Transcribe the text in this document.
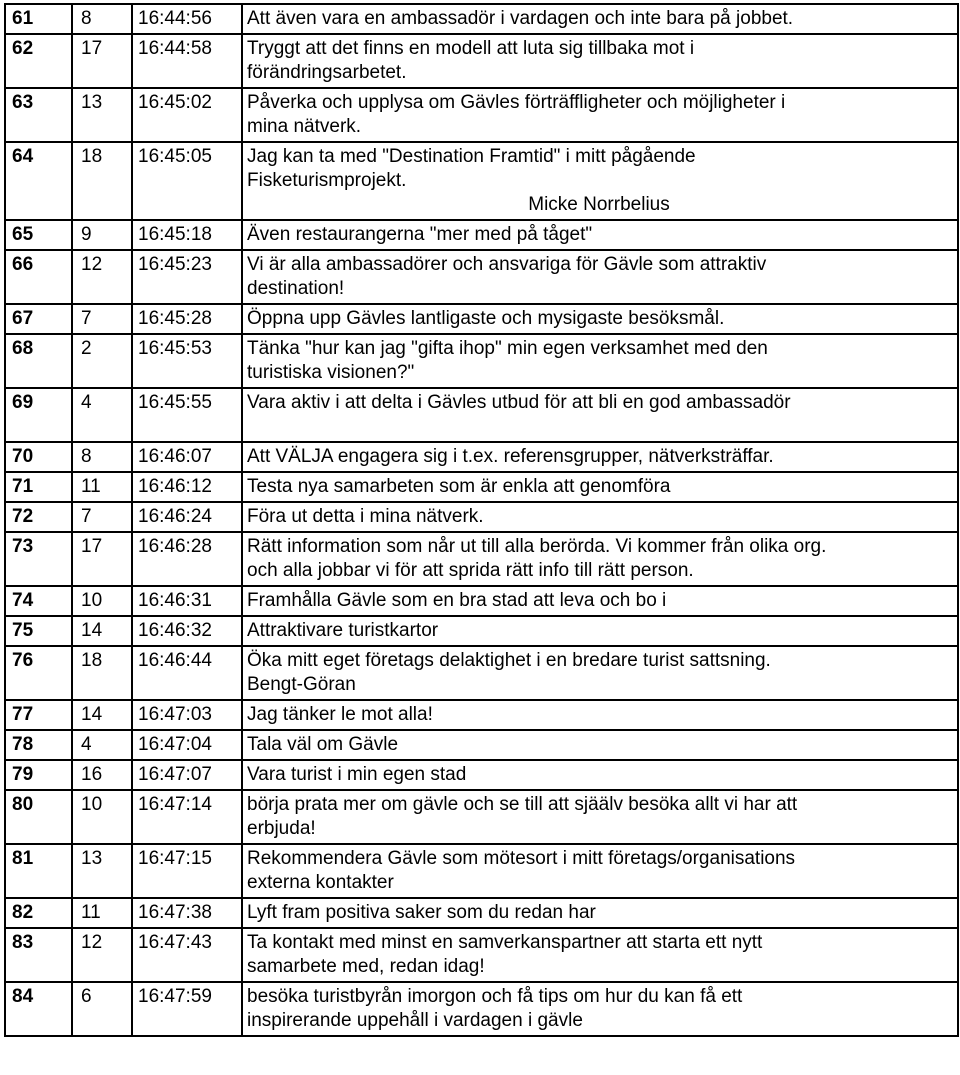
61	8	16:44:56	Att även vara en ambassadör i vardagen och inte bara på jobbet.

62	17	16:44:58	Tryggt att det finns en modell att luta sig tillbaka mot i
förändringsarbetet.

63	13	16:45:02	Påverka och upplysa om Gävles förträffligheter och möjligheter i
mina nätverk.

64	18	16:45:05	Jag kan ta med "Destination Framtid" i mitt pågående
Fisketurismprojekt.
Micke Norrbelius

65	9	16:45:18	Även restaurangerna "mer med på tåget"

66	12	16:45:23	Vi är alla ambassadörer och ansvariga för Gävle som attraktiv
destination!

67	7	16:45:28	Öppna upp Gävles lantligaste och mysigaste besöksmål.

68	2	16:45:53	Tänka "hur kan jag "gifta ihop" min egen verksamhet med den
turistiska visionen?"

69	4	16:45:55	Vara aktiv i att delta i Gävles utbud för att bli en god ambassadör

70	8	16:46:07	Att VÄLJA engagera sig i t.ex. referensgrupper, nätverksträffar.

71	11	16:46:12	Testa nya samarbeten som är enkla att genomföra

72	7	16:46:24	Föra ut detta i mina nätverk.

73	17	16:46:28	Rätt information som når ut till alla berörda. Vi kommer från olika org.
och alla jobbar vi för att sprida rätt info till rätt person.

74	10	16:46:31	Framhålla Gävle som en bra stad att leva och bo i

75	14	16:46:32	Attraktivare turistkartor

76	18	16:46:44	Öka mitt eget företags delaktighet i en bredare turist sattsning.
Bengt-Göran

77	14	16:47:03	Jag tänker le mot alla!

78	4	16:47:04	Tala väl om Gävle

79	16	16:47:07	Vara turist i min egen stad

80	10	16:47:14	börja prata mer om gävle och se till att sjäälv besöka allt vi har att
erbjuda!

81	13	16:47:15	Rekommendera Gävle som mötesort i mitt företags/organisations
externa kontakter

82	11	16:47:38	Lyft fram positiva saker som du redan har

83	12	16:47:43	Ta kontakt med minst en samverkanspartner att starta ett nytt
samarbete med, redan idag!

84	6	16:47:59	besöka turistbyrån imorgon och få tips om hur du kan få ett
inspirerande uppehåll i vardagen i gävle
